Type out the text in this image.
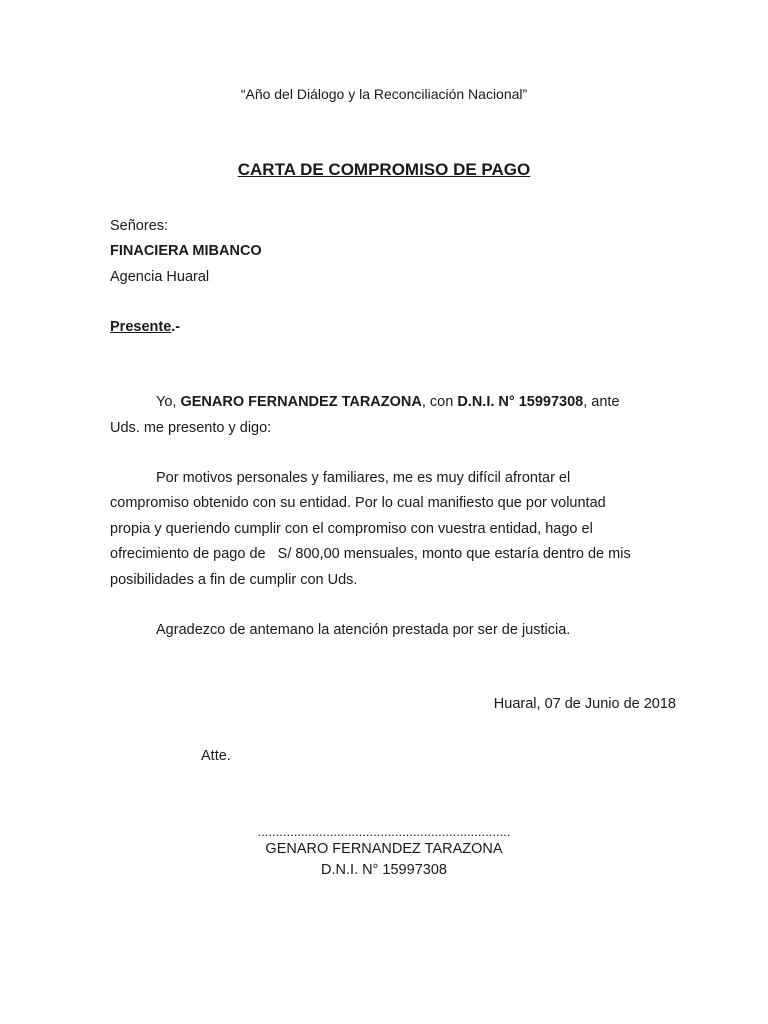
“Año del Diálogo y la Reconciliación Nacional”
CARTA DE COMPROMISO DE PAGO
Señores:
FINACIERA MIBANCO
Agencia Huaral
Presente.-
Yo, GENARO FERNANDEZ TARAZONA, con D.N.I. N° 15997308, ante
Uds. me presento y digo:
Por motivos personales y familiares, me es muy difícil afrontar el
compromiso obtenido con su entidad. Por lo cual manifiesto que por voluntad
propia y queriendo cumplir con el compromiso con vuestra entidad, hago el
ofrecimiento de pago de   S/ 800,00 mensuales, monto que estaría dentro de mis
posibilidades a fin de cumplir con Uds.
Agradezco de antemano la atención prestada por ser de justicia.
Huaral, 07 de Junio de 2018
Atte.
......................................................................
GENARO FERNANDEZ TARAZONA
D.N.I. N° 15997308
